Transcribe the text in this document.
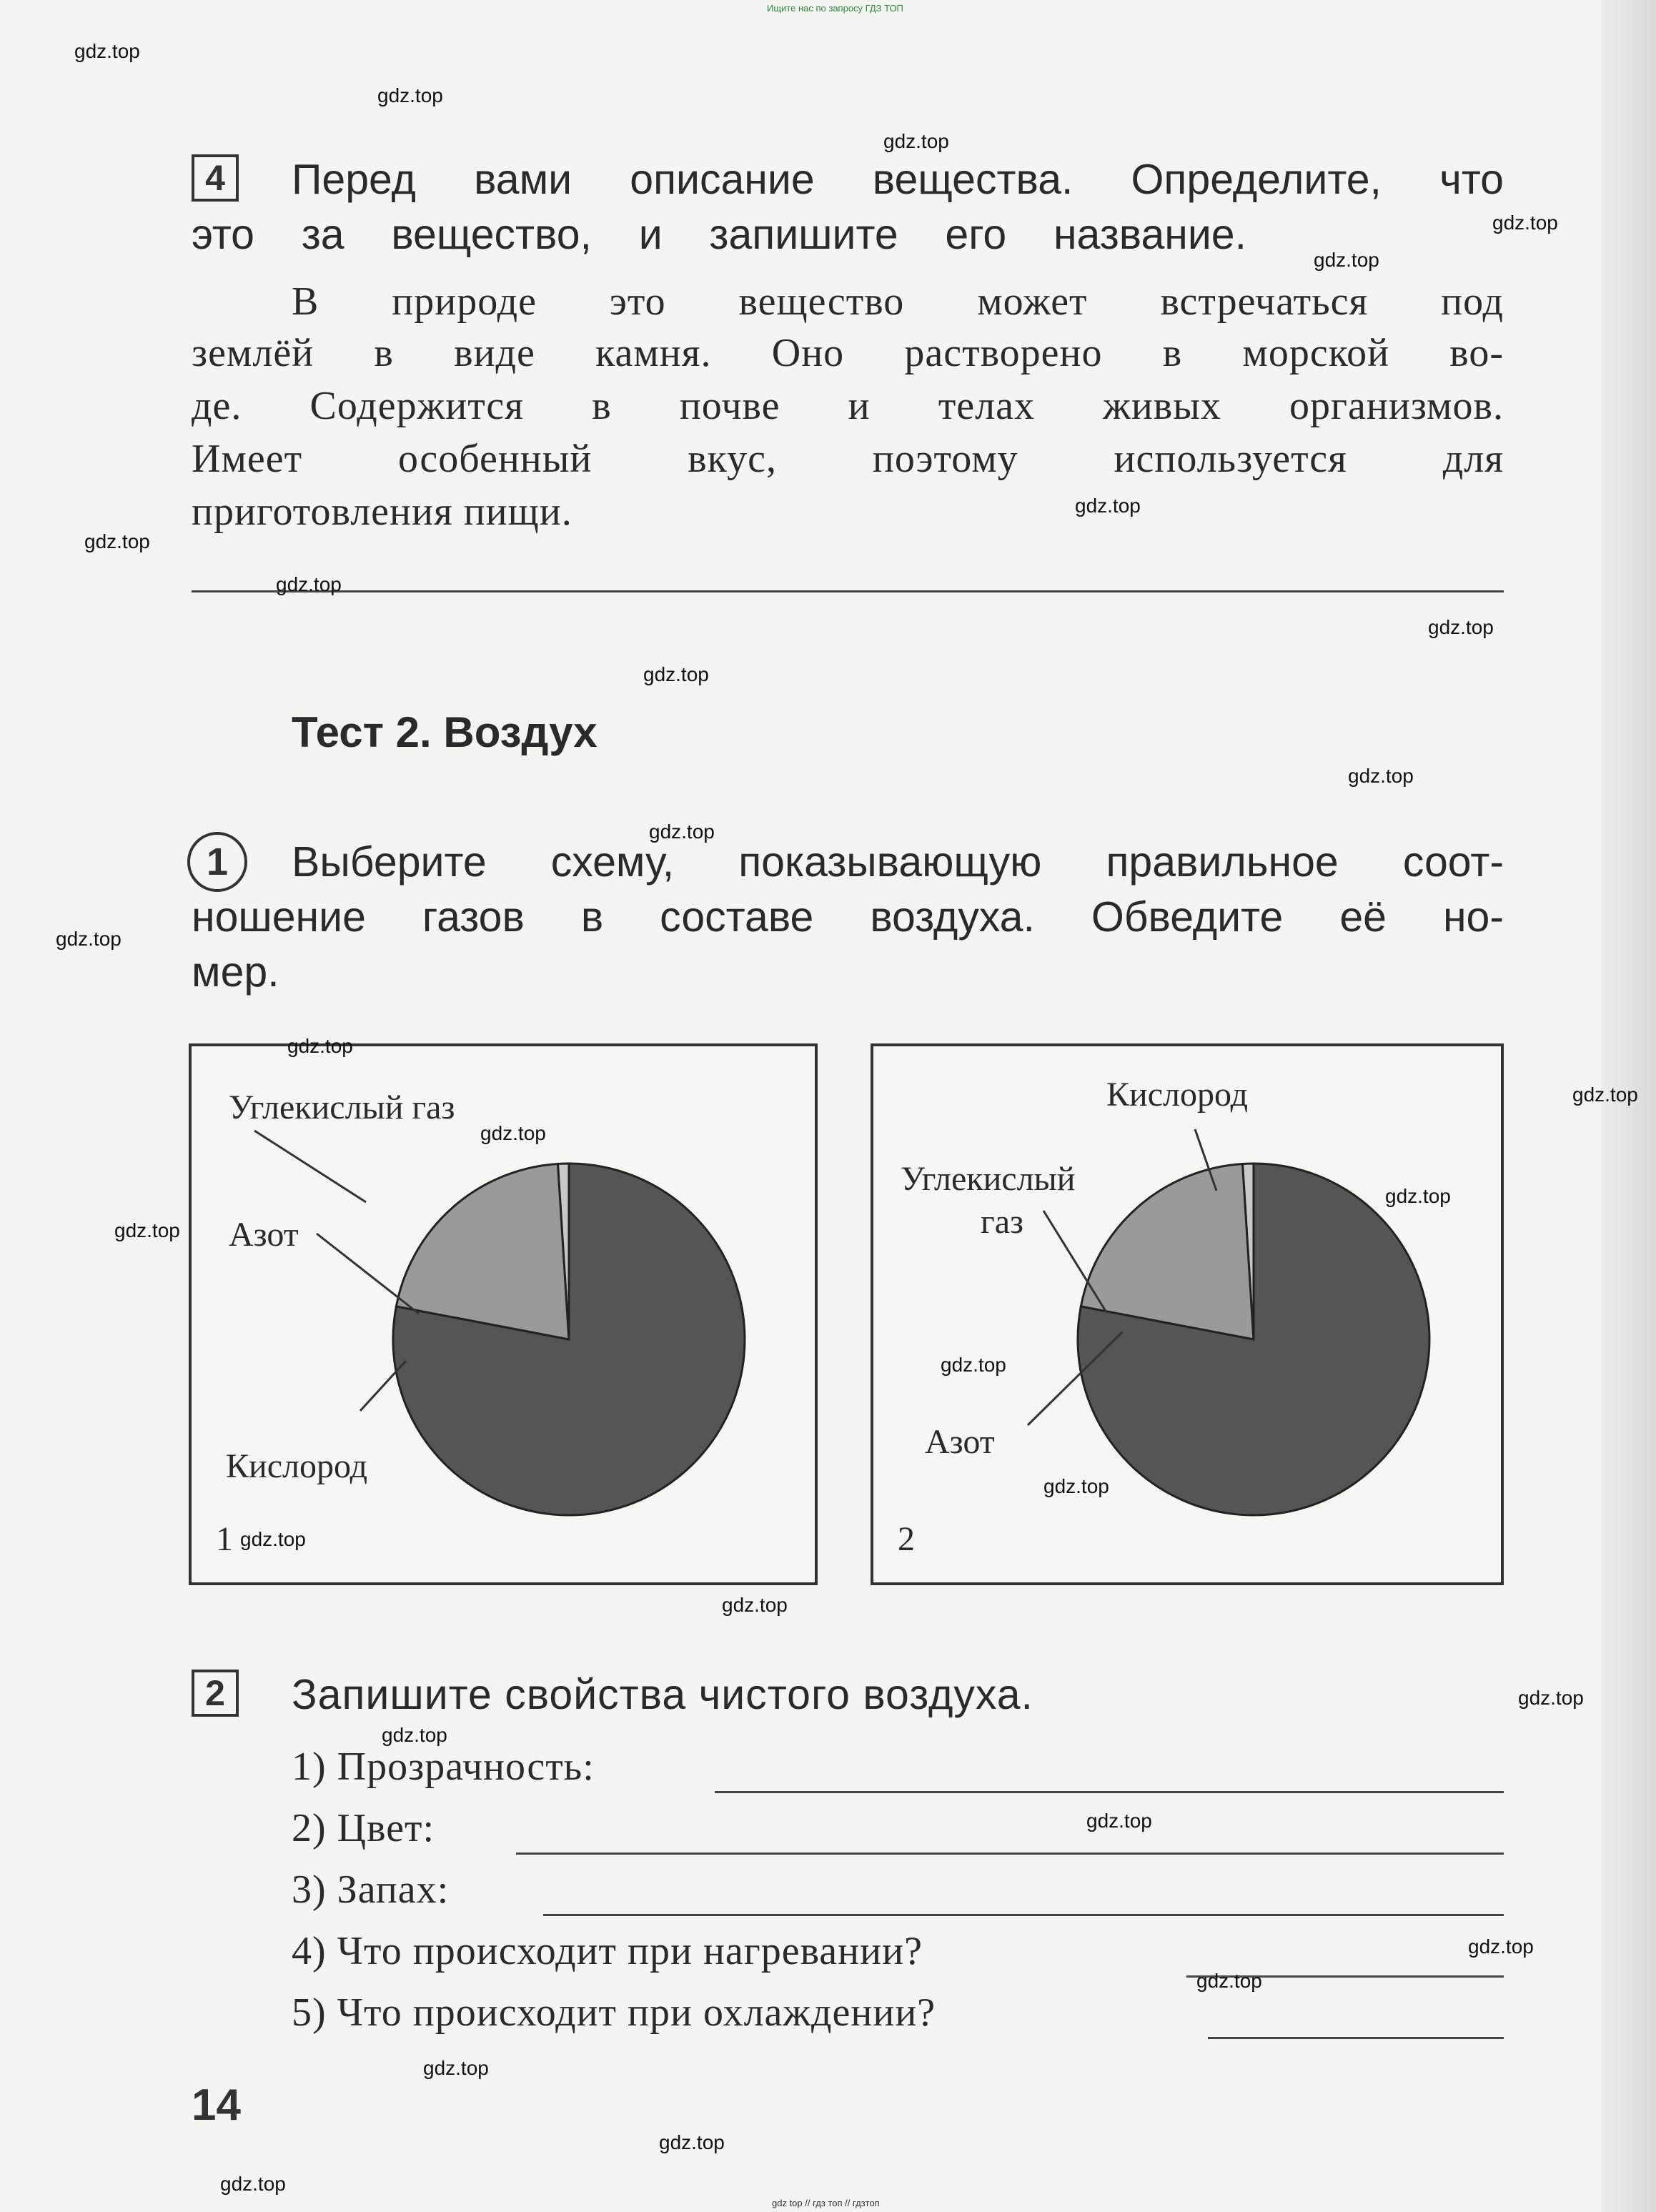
Ищите нас по запросу ГДЗ ТОП
4	Перед вами описание вещества. Определите, что
это за вещество, и запишите его название.
В природе это вещество может встречаться под
землёй в виде камня. Оно растворено в морской во-
де. Содержится в почве и телах живых организмов.
Имеет особенный вкус, поэтому используется для
приготовления пищи.
Тест 2. Воздух
1	Выберите схему, показывающую правильное соот-
ношение газов в составе воздуха. Обведите её но-
мер.
Углекислый газ
Азот
Кислород
1
Кислород
Углекислый
газ
Азот
2
2	Запишите свойства чистого воздуха.
1) Прозрачность:
2) Цвет:
3) Запах:
4) Что происходит при нагревании?
5) Что происходит при охлаждении?
14
gdz.top
gdz.top
gdz.top
gdz.top
gdz.top
gdz.top
gdz.top
gdz.top
gdz.top
gdz.top
gdz.top
gdz.top
gdz.top
gdz.top
gdz.top
gdz.top
gdz.top
gdz.top
gdz.top
gdz.top
gdz.top
gdz.top
gdz.top
gdz.top
gdz.top
gdz.top
gdz.top
gdz.top
gdz.top
gdz.top
gdz top // гдз топ // гдзтоп
